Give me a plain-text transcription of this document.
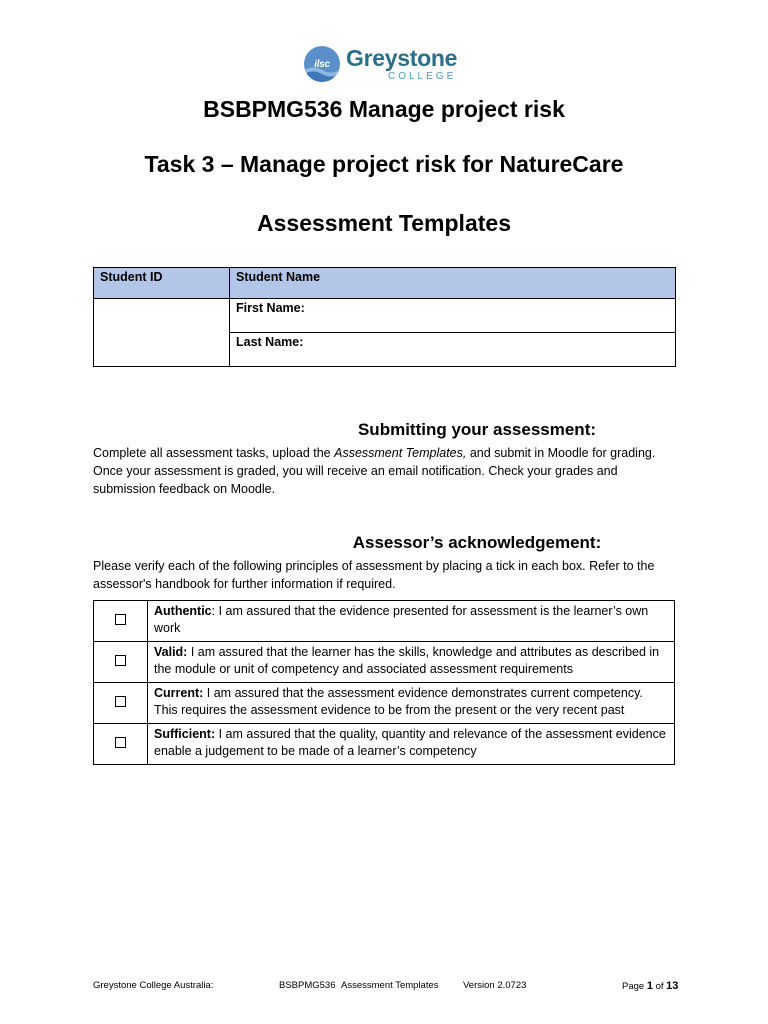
ilsc Greystone
COLLEGE
BSBPMG536 Manage project risk
Task 3 – Manage project risk for NatureCare
Assessment Templates
Student ID	Student Name
	First Name:
	Last Name:
Submitting your assessment:

Complete all assessment tasks, upload the Assessment Templates, and submit in Moodle for grading. Once your assessment is graded, you will receive an email notification. Check your grades and submission feedback on Moodle.

Assessor’s acknowledgement:

Please verify each of the following principles of assessment by placing a tick in each box. Refer to the assessor's handbook for further information if required.

	Authentic: I am assured that the evidence presented for assessment is the learner’s own work
	Valid: I am assured that the learner has the skills, knowledge and attributes as described in the module or unit of competency and associated assessment requirements
	Current: I am assured that the assessment evidence demonstrates current competency. This requires the assessment evidence to be from the present or the very recent past
	Sufficient: I am assured that the quality, quantity and relevance of the assessment evidence enable a judgement to be made of a learner’s competency
Greystone College Australia:	BSBPMG536 Assessment Templates	Version 2.0723	Page 1 of 13
